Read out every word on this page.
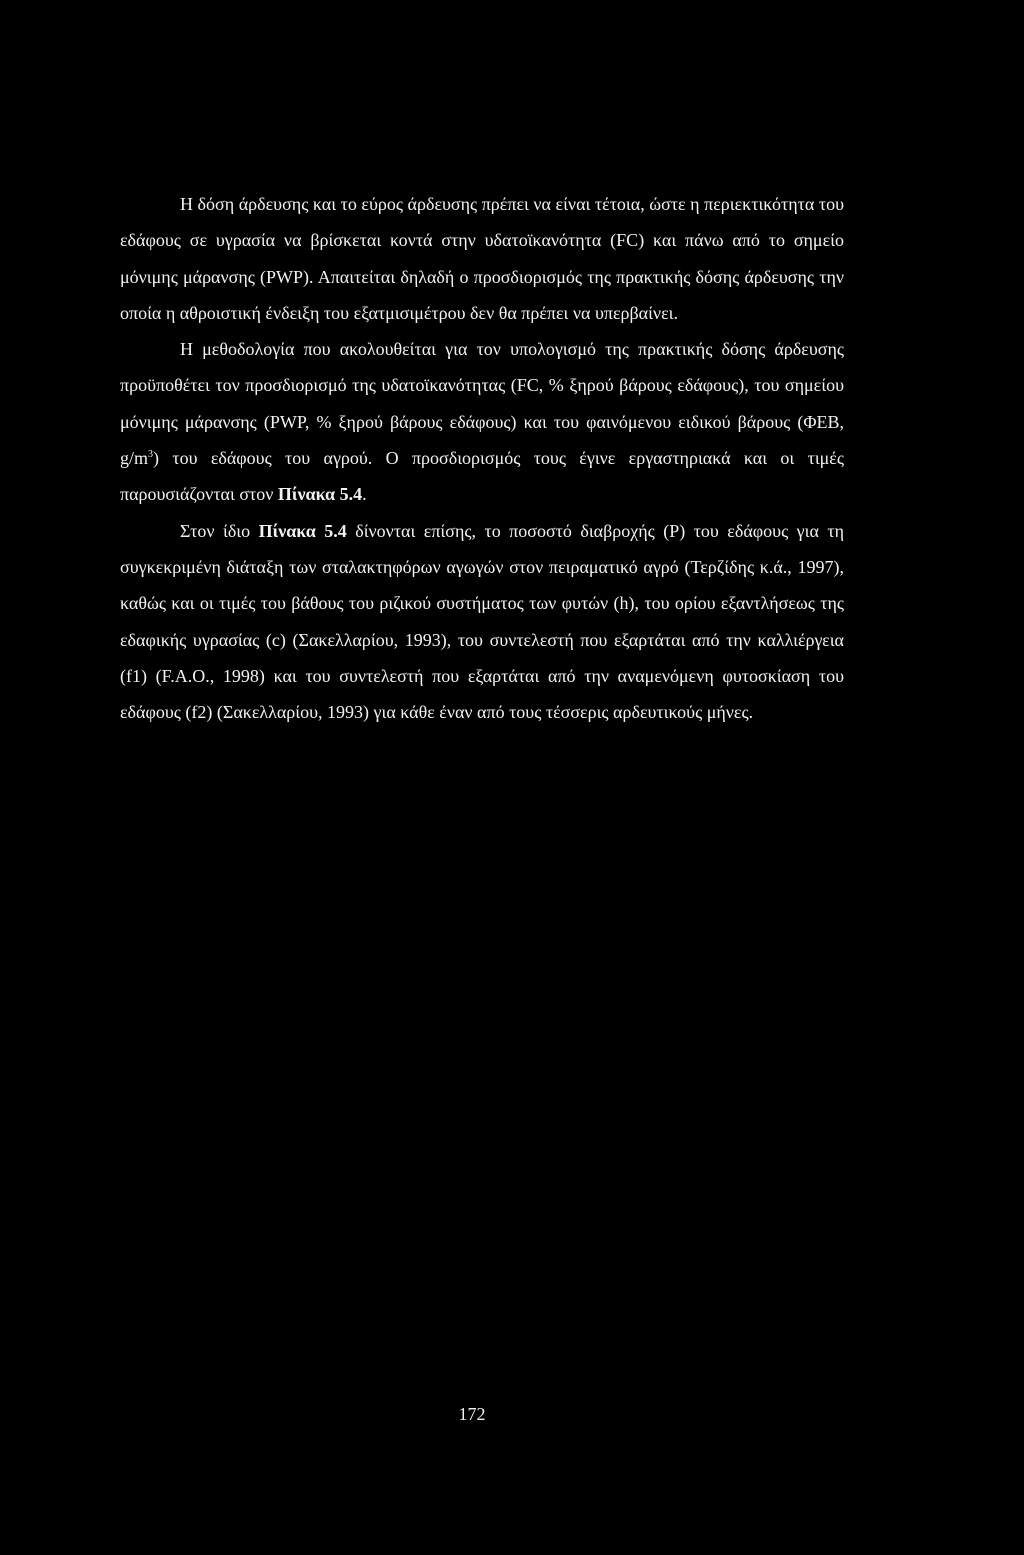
Η δόση άρδευσης και το εύρος άρδευσης πρέπει να είναι τέτοια, ώστε η περιεκτικότητα του εδάφους σε υγρασία να βρίσκεται κοντά στην υδατοϊκανότητα (FC) και πάνω από το σημείο μόνιμης μάρανσης (PWP). Απαιτείται δηλαδή ο προσδιορισμός της πρακτικής δόσης άρδευσης την οποία η αθροιστική ένδειξη του εξατμισιμέτρου δεν θα πρέπει να υπερβαίνει.

Η μεθοδολογία που ακολουθείται για τον υπολογισμό της πρακτικής δόσης άρδευσης προϋποθέτει τον προσδιορισμό της υδατοϊκανότητας (FC, % ξηρού βάρους εδάφους), του σημείου μόνιμης μάρανσης (PWP, % ξηρού βάρους εδάφους) και του φαινόμενου ειδικού βάρους (ΦΕΒ, $g/m^3$) του εδάφους του αγρού. Ο προσδιορισμός τους έγινε εργαστηριακά και οι τιμές παρουσιάζονται στον Πίνακα 5.4.

Στον ίδιο Πίνακα 5.4 δίνονται επίσης, το ποσοστό διαβροχής (P) του εδάφους για τη συγκεκριμένη διάταξη των σταλακτηφόρων αγωγών στον πειραματικό αγρό (Τερζίδης κ.ά., 1997), καθώς και οι τιμές του βάθους του ριζικού συστήματος των φυτών (h), του ορίου εξαντλήσεως της εδαφικής υγρασίας (c) (Σακελλαρίου, 1993), του συντελεστή που εξαρτάται από την καλλιέργεια (f1) (F.A.O., 1998) και του συντελεστή που εξαρτάται από την αναμενόμενη φυτοσκίαση του εδάφους (f2) (Σακελλαρίου, 1993) για κάθε έναν από τους τέσσερις αρδευτικούς μήνες.

172
